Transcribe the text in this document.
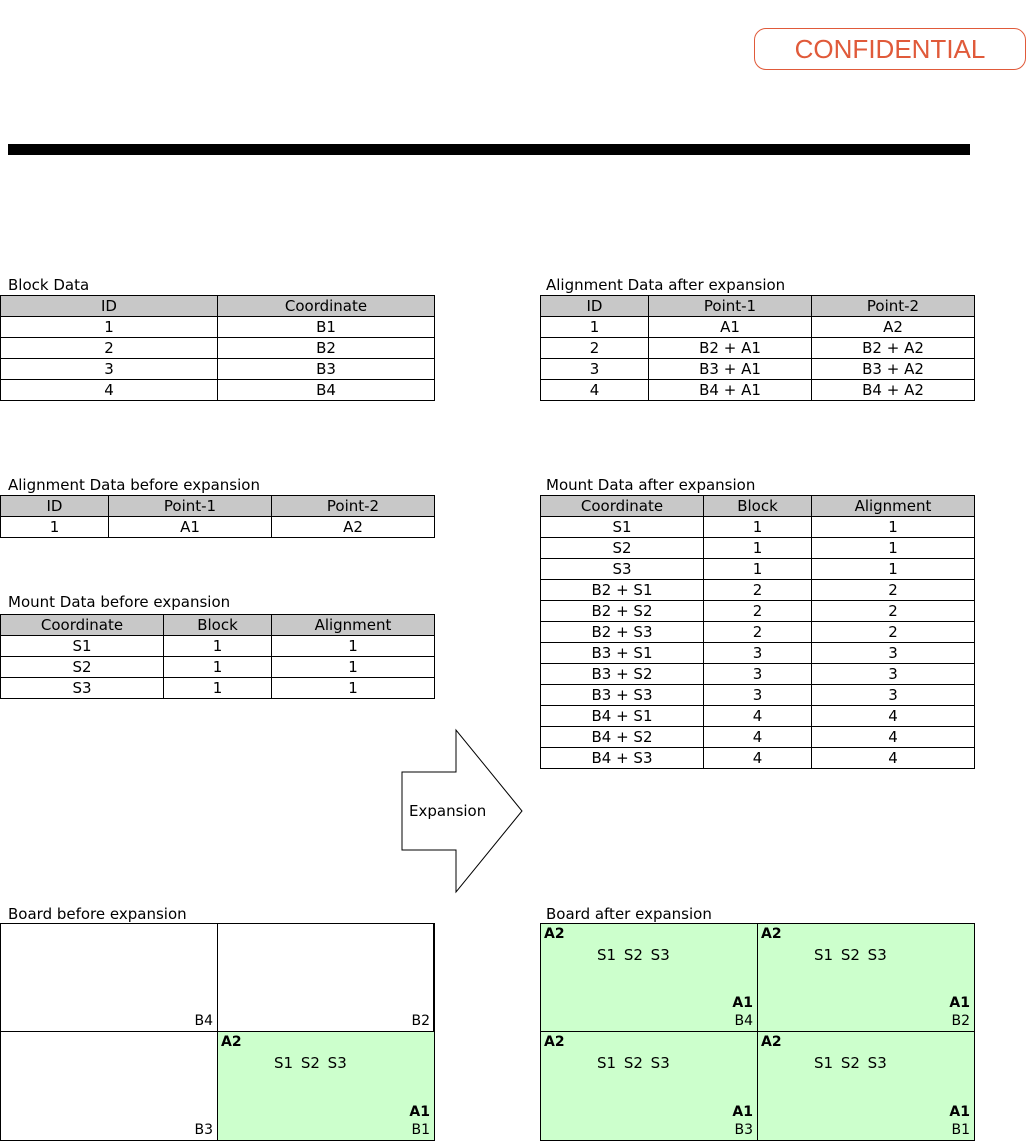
CONFIDENTIAL
Block Data
ID	Coordinate
1	B1
2	B2
3	B3
4	B4
Alignment Data before expansion
ID	Point-1	Point-2
1	A1	A2
Mount Data before expansion
Coordinate	Block	Alignment
S1	1	1
S2	1	1
S3	1	1
Alignment Data after expansion
ID	Point-1	Point-2
1	A1	A2
2	B2 + A1	B2 + A2
3	B3 + A1	B3 + A2
4	B4 + A1	B4 + A2
Mount Data after expansion
Coordinate	Block	Alignment
S1	1	1
S2	1	1
S3	1	1
B2 + S1	2	2
B2 + S2	2	2
B2 + S3	2	2
B3 + S1	3	3
B3 + S2	3	3
B3 + S3	3	3
B4 + S1	4	4
B4 + S2	4	4
B4 + S3	4	4
Expansion
Board before expansion
B4	B2
B3
A2
S1 S2 S3
A1
B1
Board after expansion
A2
S1 S2 S3
A1
B4
A2
S1 S2 S3
A1
B2
A2
S1 S2 S3
A1
B3
A2
S1 S2 S3
A1
B1
